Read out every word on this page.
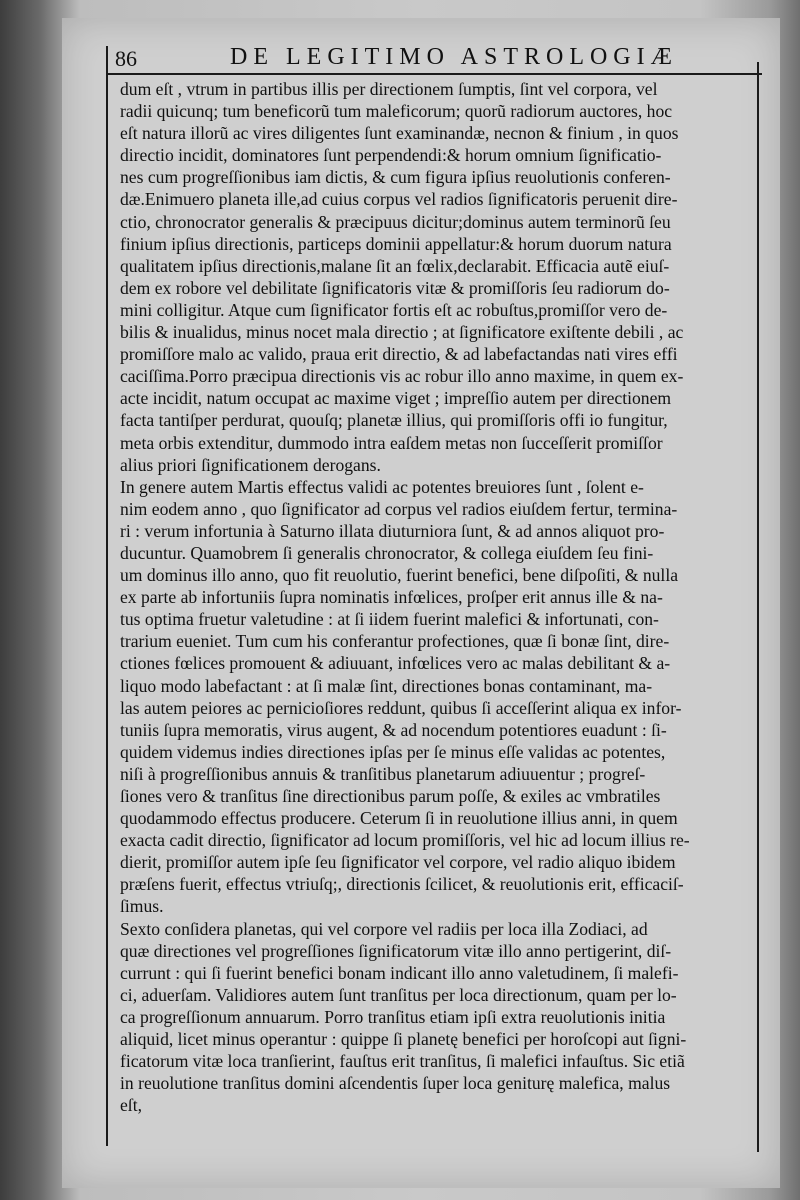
86	DE LEGITIMO ASTROLOGIÆ

dum eſt , vtrum in partibus illis per directionem ſumptis, ſint vel corpora, vel
radii quicunq; tum beneficorũ tum maleficorum; quorũ radiorum auctores, hoc
eſt natura illorũ ac vires diligentes ſunt examinandæ, necnon & finium , in quos
directio incidit, dominatores ſunt perpendendi:& horum omnium ſignificatio-
nes cum progreſſionibus iam dictis, & cum figura ipſius reuolutionis conferen-
dæ.Enimuero planeta ille,ad cuius corpus vel radios ſignificatoris peruenit dire-
ctio, chronocrator generalis & præcipuus dicitur;dominus autem terminorũ ſeu
finium ipſius directionis, particeps dominii appellatur:& horum duorum natura
qualitatem ipſius directionis,malane ſit an fœlix,declarabit. Efficacia autẽ eiuſ-
dem ex robore vel debilitate ſignificatoris vitæ & promiſſoris ſeu radiorum do-
mini colligitur. Atque cum ſignificator fortis eſt ac robuſtus,promiſſor vero de-
bilis & inualidus, minus nocet mala directio ; at ſignificatore exiſtente debili , ac
promiſſore malo ac valido, praua erit directio, & ad labefactandas nati vires effi
caciſſima.Porro præcipua directionis vis ac robur illo anno maxime, in quem ex-
acte incidit, natum occupat ac maxime viget ; impreſſio autem per directionem
facta tantiſper perdurat, quouſq; planetæ illius, qui promiſſoris offi io fungitur,
meta orbis extenditur, dummodo intra eaſdem metas non ſucceſſerit promiſſor
alius priori ſignificationem derogans.

In genere autem Martis effectus validi ac potentes breuiores ſunt , ſolent e-
nim eodem anno , quo ſignificator ad corpus vel radios eiuſdem fertur, termina-
ri : verum infortunia à Saturno illata diuturniora ſunt, & ad annos aliquot pro-
ducuntur. Quamobrem ſi generalis chronocrator, & collega eiuſdem ſeu fini-
um dominus illo anno, quo fit reuolutio, fuerint benefici, bene diſpoſiti, & nulla
ex parte ab infortuniis ſupra nominatis infœlices, proſper erit annus ille & na-
tus optima fruetur valetudine : at ſi iidem fuerint malefici & infortunati, con-
trarium eueniet. Tum cum his conferantur profectiones, quæ ſi bonæ ſint, dire-
ctiones fœlices promouent & adiuuant, infœlices vero ac malas debilitant & a-
liquo modo labefactant : at ſi malæ ſint, directiones bonas contaminant, ma-
las autem peiores ac pernicioſiores reddunt, quibus ſi acceſſerint aliqua ex infor-
tuniis ſupra memoratis, virus augent, & ad nocendum potentiores euadunt : ſi-
quidem videmus indies directiones ipſas per ſe minus eſſe validas ac potentes,
niſi à progreſſionibus annuis & tranſitibus planetarum adiuuentur ; progreſ-
ſiones vero & tranſitus ſine directionibus parum poſſe, & exiles ac vmbratiles
quodammodo effectus producere. Ceterum ſi in reuolutione illius anni, in quem
exacta cadit directio, ſignificator ad locum promiſſoris, vel hic ad locum illius re-
dierit, promiſſor autem ipſe ſeu ſignificator vel corpore, vel radio aliquo ibidem
præſens fuerit, effectus vtriuſq;, directionis ſcilicet, & reuolutionis erit, efficaciſ-
ſimus.

Sexto conſidera planetas, qui vel corpore vel radiis per loca illa Zodiaci, ad
quæ directiones vel progreſſiones ſignificatorum vitæ illo anno pertigerint, diſ-
currunt : qui ſi fuerint benefici bonam indicant illo anno valetudinem, ſi malefi-
ci, aduerſam. Validiores autem ſunt tranſitus per loca directionum, quam per lo-
ca progreſſionum annuarum. Porro tranſitus etiam ipſi extra reuolutionis initia
aliquid, licet minus operantur : quippe ſi planetę benefici per horoſcopi aut ſigni-
ficatorum vitæ loca tranſierint, fauſtus erit tranſitus, ſi malefici infauſtus. Sic etiã
in reuolutione tranſitus domini aſcendentis ſuper loca geniturę malefica, malus
eſt,
